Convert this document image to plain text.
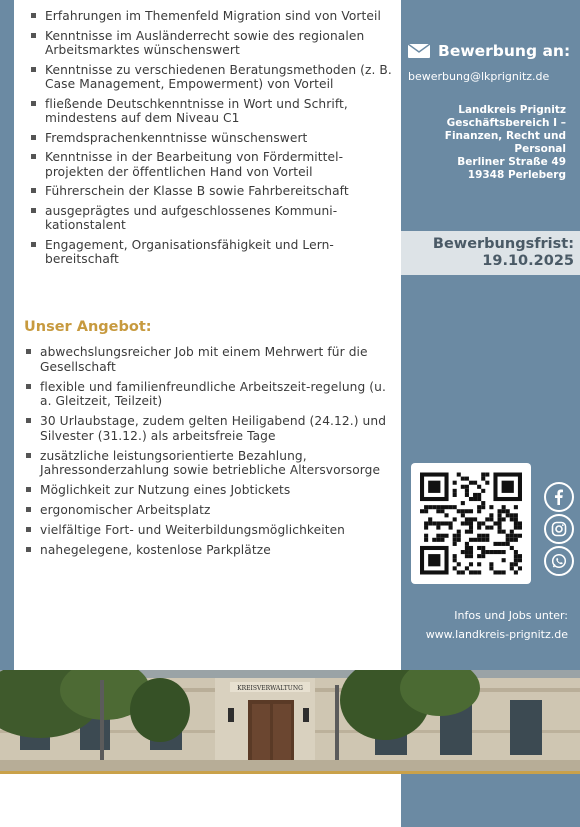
Erfahrungen im Themenfeld Migration sind von Vorteil
Kenntnisse im Ausländerrecht sowie des regionalen Arbeitsmarktes wünschenswert
Kenntnisse zu verschiedenen Beratungsmethoden (z. B. Case Management, Empowerment) von Vorteil
fließende Deutschkenntnisse in Wort und Schrift, mindestens auf dem Niveau C1
Fremdsprachenkenntnisse wünschenswert
Kenntnisse in der Bearbeitung von Fördermittel-projekten der öffentlichen Hand von Vorteil
Führerschein der Klasse B sowie Fahrbereitschaft
ausgeprägtes und aufgeschlossenes Kommuni-kationstalent
Engagement, Organisationsfähigkeit und Lern-bereitschaft
Unser Angebot:
abwechslungsreicher Job mit einem Mehrwert für die Gesellschaft
flexible und familienfreundliche Arbeitszeit-regelung (u. a. Gleitzeit, Teilzeit)
30 Urlaubstage, zudem gelten Heiligabend (24.12.) und Silvester (31.12.) als arbeitsfreie Tage
zusätzliche leistungsorientierte Bezahlung, Jahressonderzahlung sowie betriebliche Altersvorsorge
Möglichkeit zur Nutzung eines Jobtickets
ergonomischer Arbeitsplatz
vielfältige Fort- und Weiterbildungsmöglichkeiten
nahegelegene, kostenlose Parkplätze
Bewerbung an:
bewerbung@lkprignitz.de
Landkreis Prignitz
Geschäftsbereich I –
Finanzen, Recht und
Personal
Berliner Straße 49
19348 Perleberg
Bewerbungsfrist:
19.10.2025
Infos und Jobs unter:
www.landkreis-prignitz.de
KREISVERWALTUNG
